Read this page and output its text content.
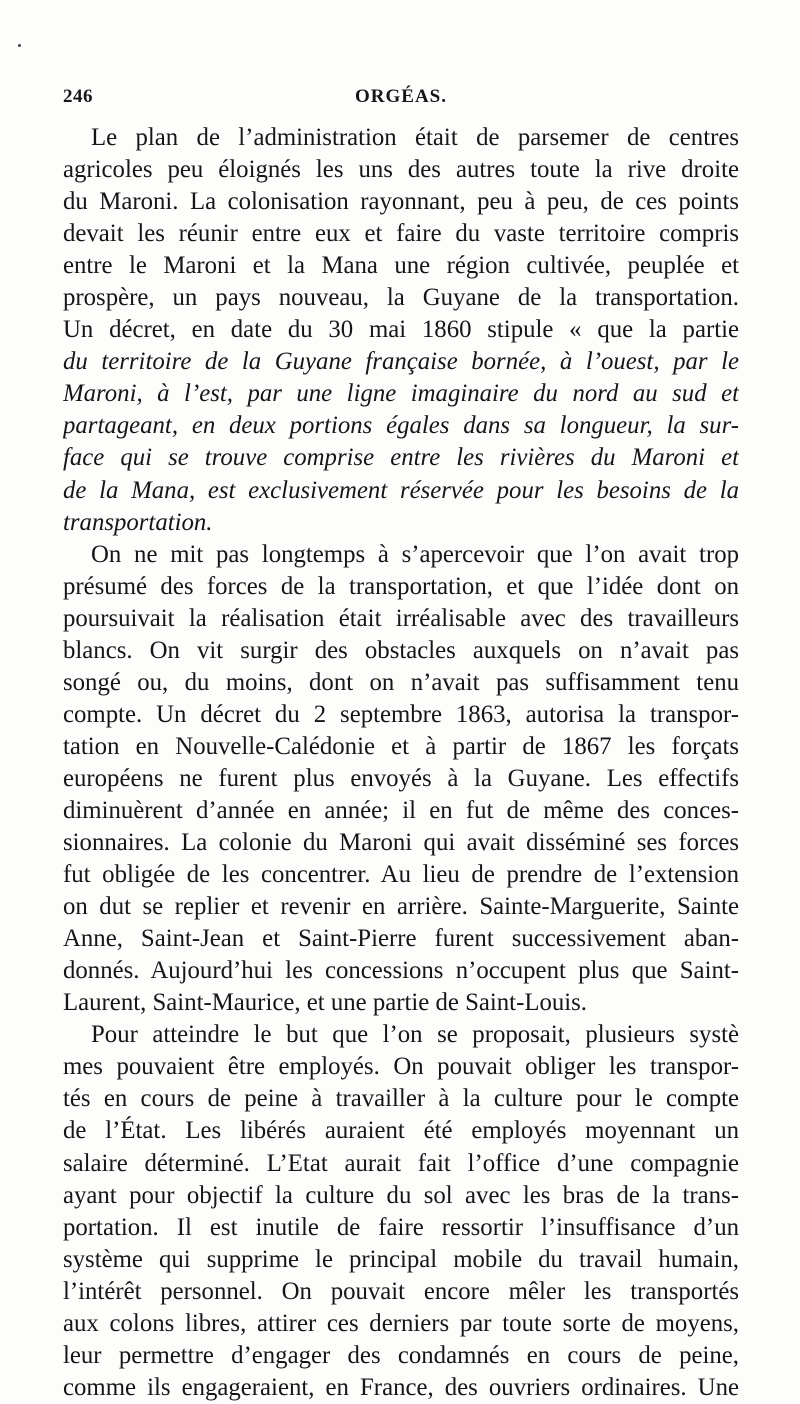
246	ORGÉAS.
Le plan de l’administration était de parsemer de centres
agricoles peu éloignés les uns des autres toute la rive droite
du Maroni. La colonisation rayonnant, peu à peu, de ces points
devait les réunir entre eux et faire du vaste territoire compris
entre le Maroni et la Mana une région cultivée, peuplée et
prospère, un pays nouveau, la Guyane de la transportation.
Un décret, en date du 30 mai 1860 stipule « que la partie
du territoire de la Guyane française bornée, à l’ouest, par le
Maroni, à l’est, par une ligne imaginaire du nord au sud et
partageant, en deux portions égales dans sa longueur, la sur-
face qui se trouve comprise entre les rivières du Maroni et
de la Mana, est exclusivement réservée pour les besoins de la
transportation.
On ne mit pas longtemps à s’apercevoir que l’on avait trop
présumé des forces de la transportation, et que l’idée dont on
poursuivait la réalisation était irréalisable avec des travailleurs
blancs. On vit surgir des obstacles auxquels on n’avait pas
songé ou, du moins, dont on n’avait pas suffisamment tenu
compte. Un décret du 2 septembre 1863, autorisa la transpor-
tation en Nouvelle-Calédonie et à partir de 1867 les forçats
européens ne furent plus envoyés à la Guyane. Les effectifs
diminuèrent d’année en année; il en fut de même des conces-
sionnaires. La colonie du Maroni qui avait disséminé ses forces
fut obligée de les concentrer. Au lieu de prendre de l’extension
on dut se replier et revenir en arrière. Sainte-Marguerite, Sainte
Anne, Saint-Jean et Saint-Pierre furent successivement aban-
donnés. Aujourd’hui les concessions n’occupent plus que Saint-
Laurent, Saint-Maurice, et une partie de Saint-Louis.
Pour atteindre le but que l’on se proposait, plusieurs systè
mes pouvaient être employés. On pouvait obliger les transpor-
tés en cours de peine à travailler à la culture pour le compte
de l’État. Les libérés auraient été employés moyennant un
salaire déterminé. L’Etat aurait fait l’office d’une compagnie
ayant pour objectif la culture du sol avec les bras de la trans-
portation. Il est inutile de faire ressortir l’insuffisance d’un
système qui supprime le principal mobile du travail humain,
l’intérêt personnel. On pouvait encore mêler les transportés
aux colons libres, attirer ces derniers par toute sorte de moyens,
leur permettre d’engager des condamnés en cours de peine,
comme ils engageraient, en France, des ouvriers ordinaires. Une
